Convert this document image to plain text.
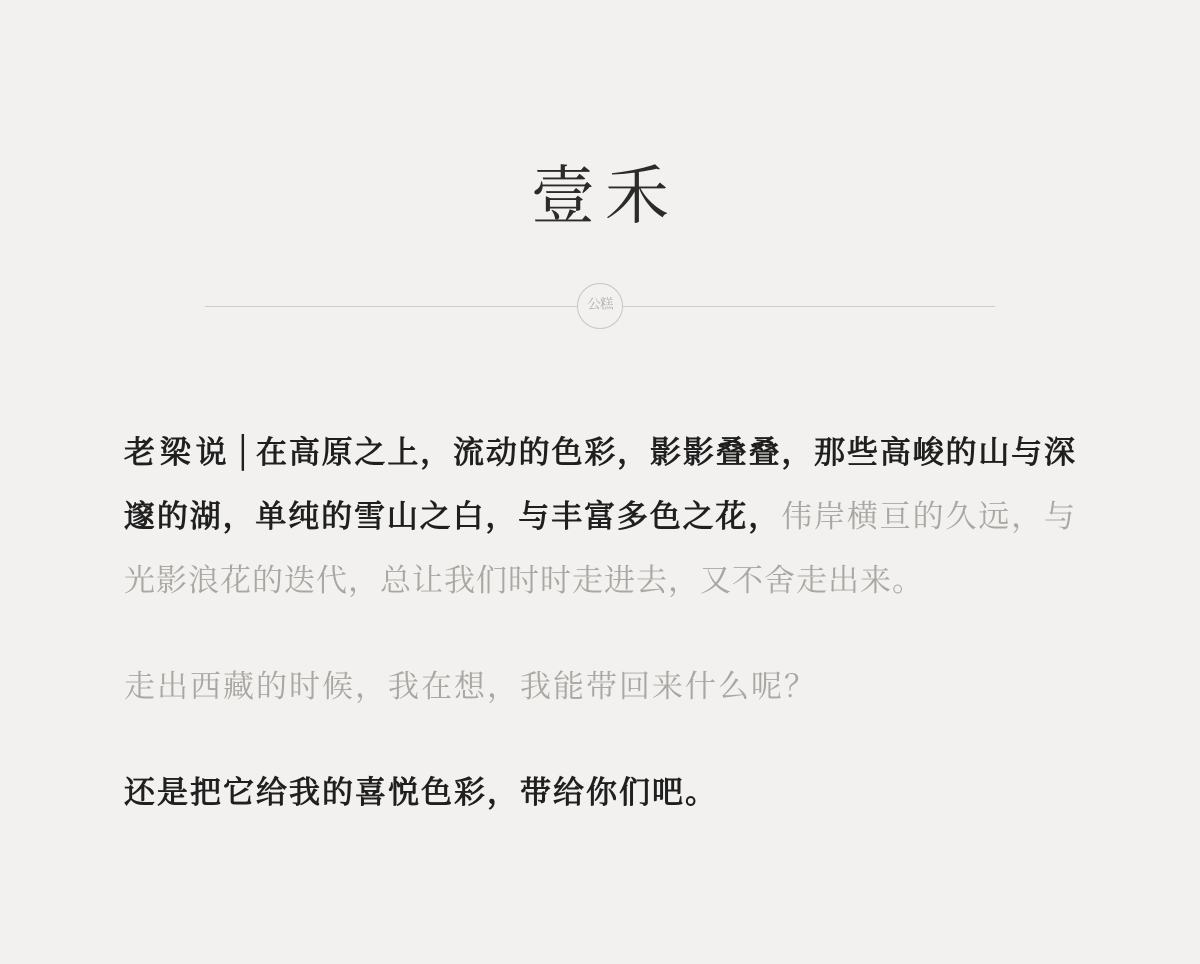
壹禾
公糕

老梁说│在高原之上，流动的色彩，影影叠叠，那些高峻的山与深邃的湖，单纯的雪山之白，与丰富多色之花，伟岸横亘的久远，与光影浪花的迭代，总让我们时时走进去，又不舍走出来。

走出西藏的时候，我在想，我能带回来什么呢？

还是把它给我的喜悦色彩，带给你们吧。
